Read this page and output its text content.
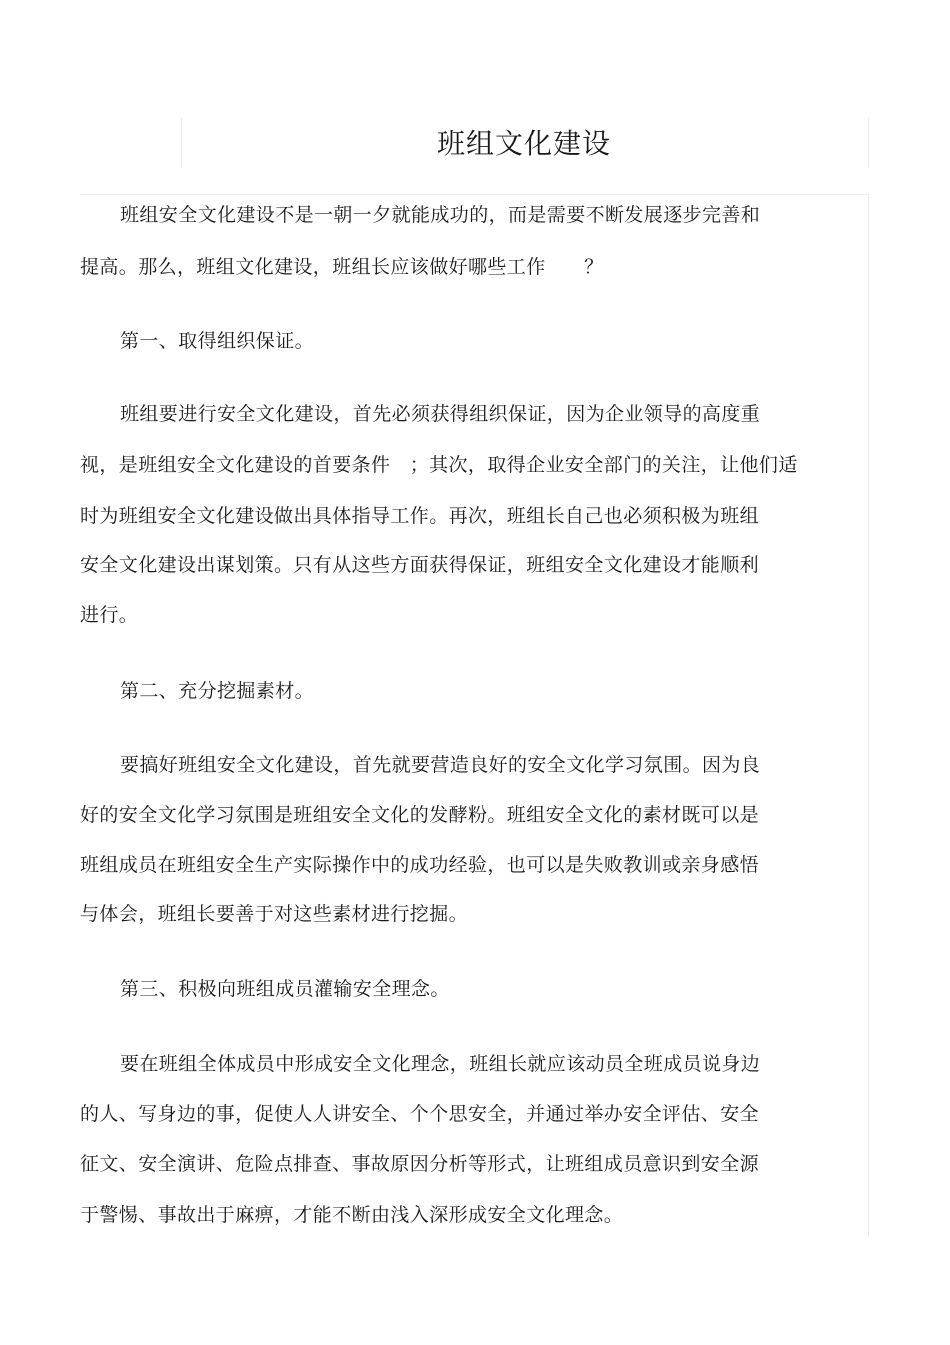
班组文化建设

班组安全文化建设不是一朝一夕就能成功的，而是需要不断发展逐步完善和

提高。那么，班组文化建设，班组长应该做好哪些工作      ？

第一、取得组织保证。

班组要进行安全文化建设，首先必须获得组织保证，因为企业领导的高度重

视，是班组安全文化建设的首要条件   ；其次，取得企业安全部门的关注，让他们适

时为班组安全文化建设做出具体指导工作。再次，班组长自己也必须积极为班组

安全文化建设出谋划策。只有从这些方面获得保证，班组安全文化建设才能顺利

进行。

第二、充分挖掘素材。

要搞好班组安全文化建设，首先就要营造良好的安全文化学习氛围。因为良

好的安全文化学习氛围是班组安全文化的发酵粉。班组安全文化的素材既可以是

班组成员在班组安全生产实际操作中的成功经验，也可以是失败教训或亲身感悟

与体会，班组长要善于对这些素材进行挖掘。

第三、积极向班组成员灌输安全理念。

要在班组全体成员中形成安全文化理念，班组长就应该动员全班成员说身边

的人、写身边的事，促使人人讲安全、个个思安全，并通过举办安全评估、安全

征文、安全演讲、危险点排查、事故原因分析等形式，让班组成员意识到安全源

于警惕、事故出于麻痹，才能不断由浅入深形成安全文化理念。
